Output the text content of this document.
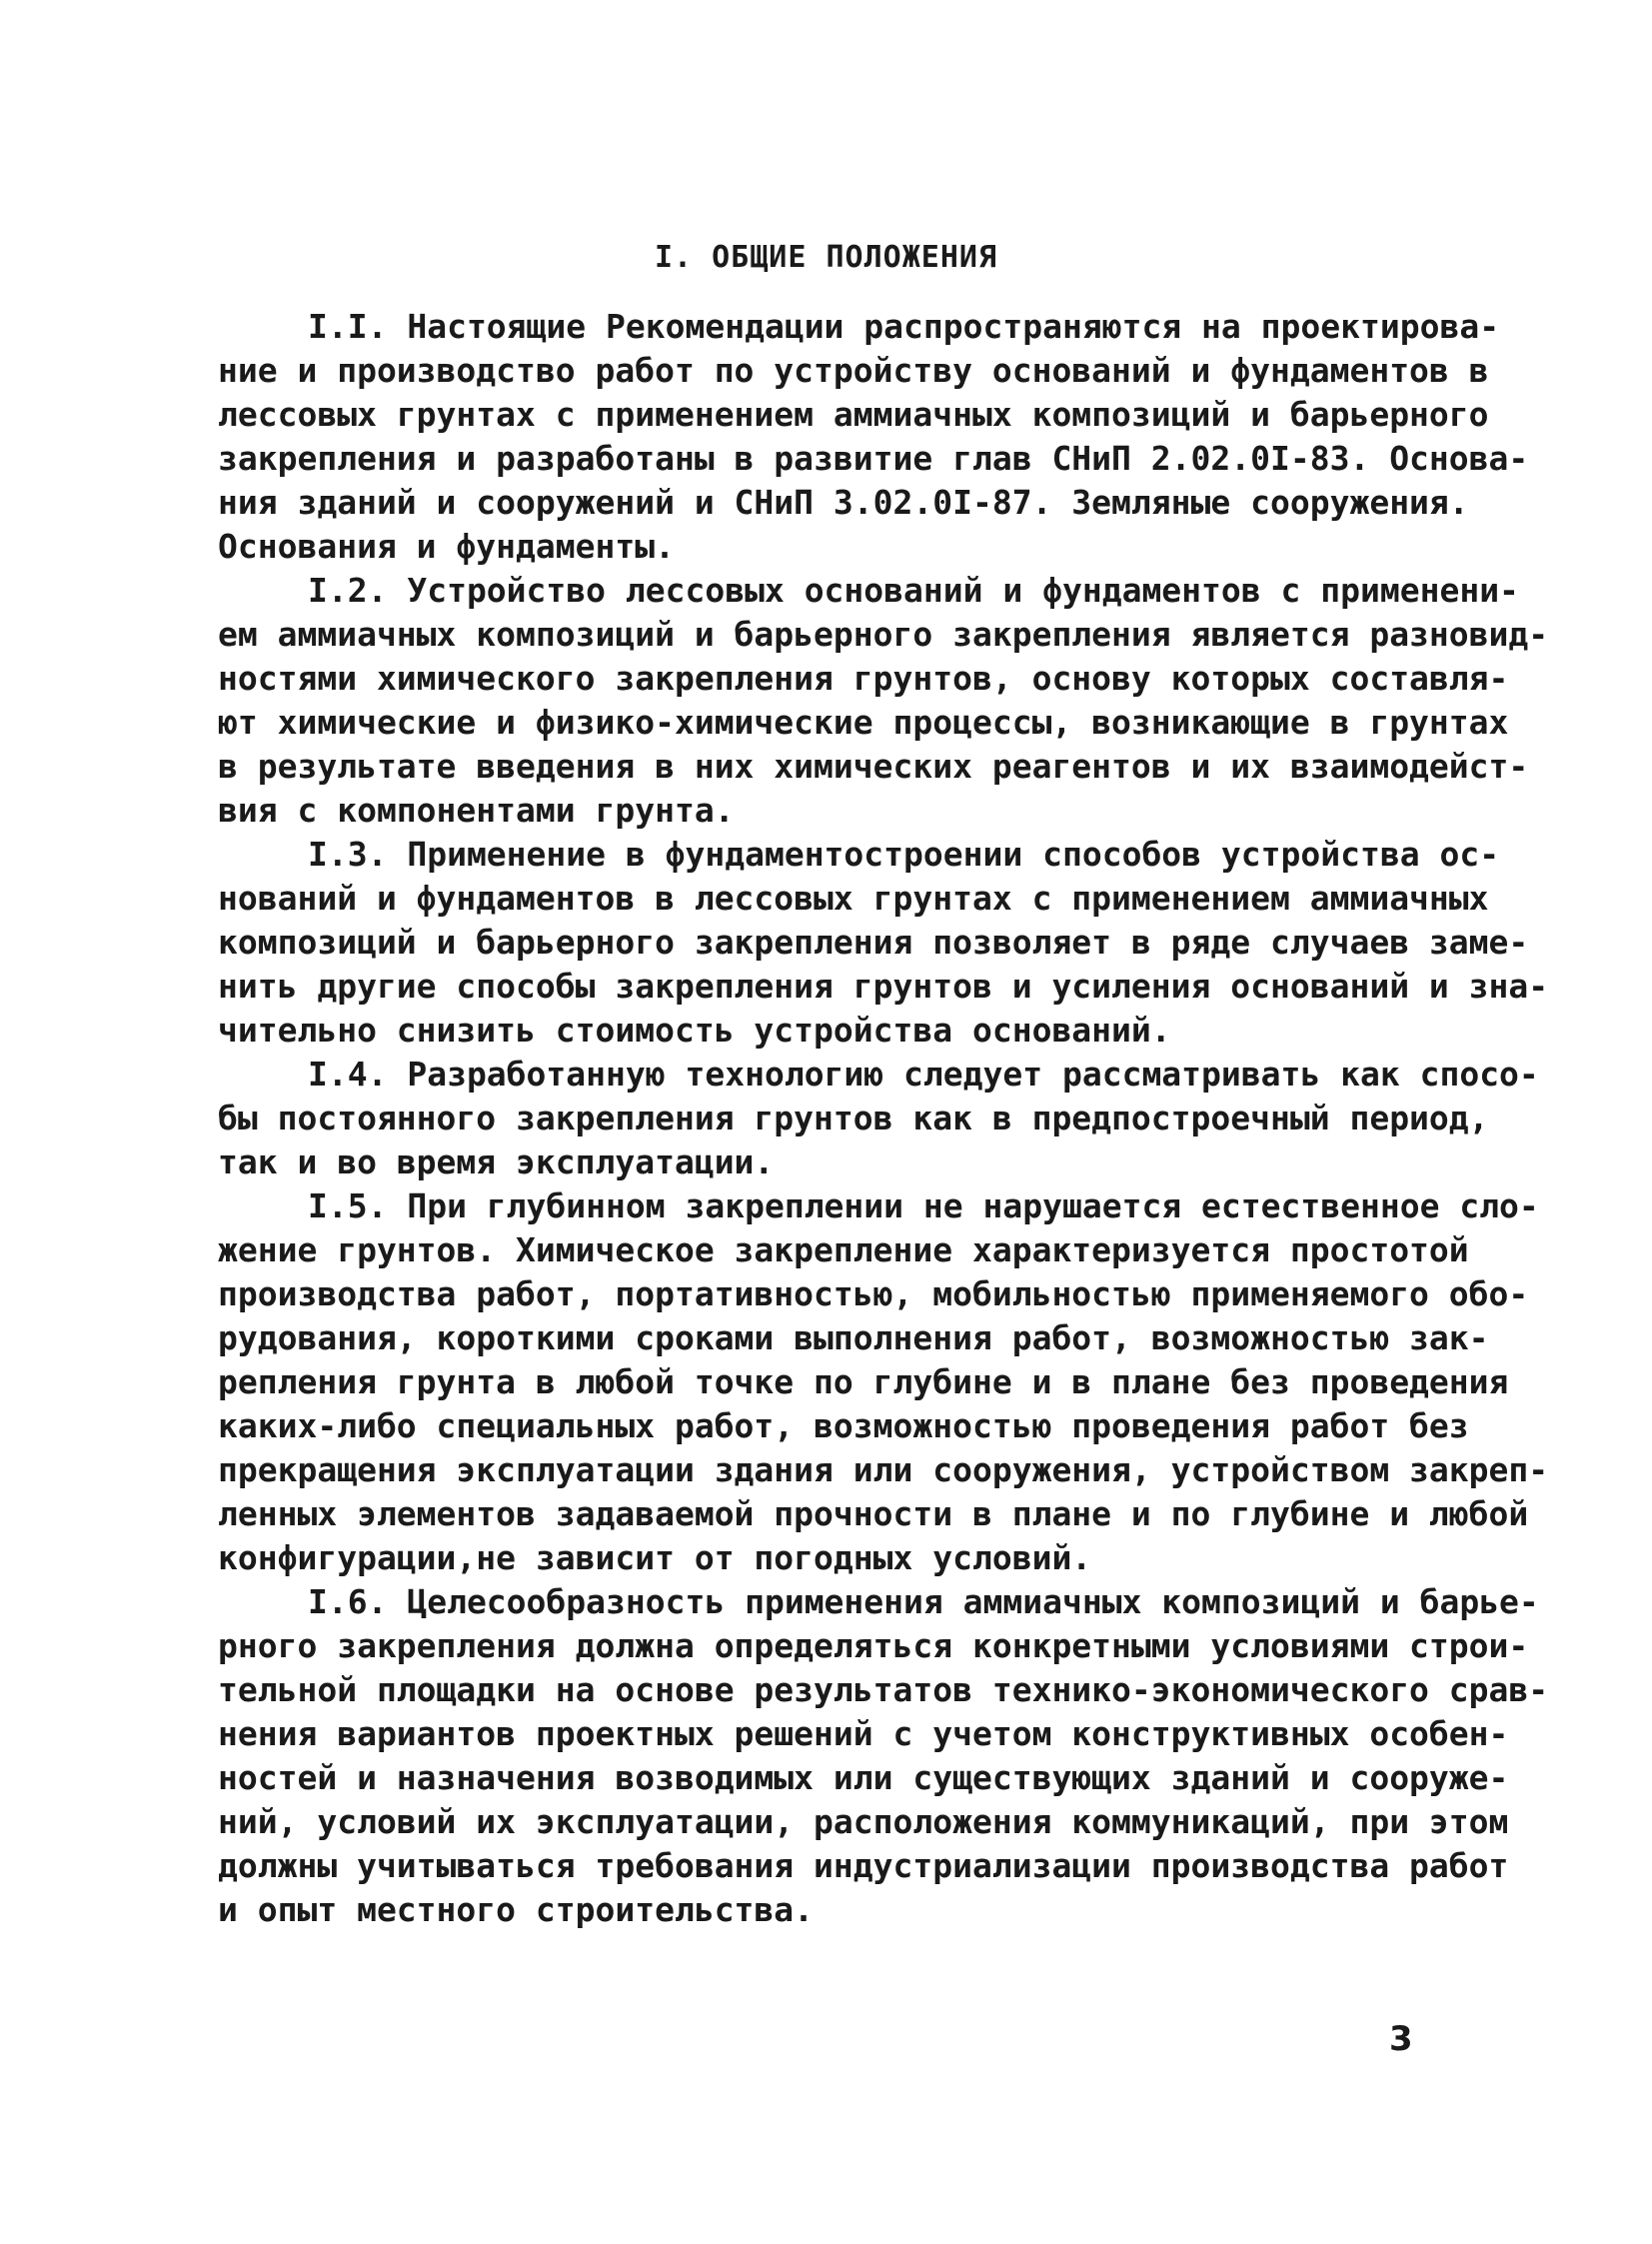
I. ОБЩИЕ ПОЛОЖЕНИЯ
I.I. Настоящие Рекомендации распространяются на проектирова-
ние и производство работ по устройству оснований и фундаментов в
лессовых грунтах с применением аммиачных композиций и барьерного
закрепления и разработаны в развитие глав СНиП 2.02.0I-83. Основа-
ния зданий и сооружений и СНиП 3.02.0I-87. Земляные сооружения.
Основания и фундаменты.
I.2. Устройство лессовых оснований и фундаментов с применени-
ем аммиачных композиций и барьерного закрепления является разновид-
ностями химического закрепления грунтов, основу которых составля-
ют химические и физико-химические процессы, возникающие в грунтах
в результате введения в них химических реагентов и их взаимодейст-
вия с компонентами грунта.
I.3. Применение в фундаментостроении способов устройства ос-
нований и фундаментов в лессовых грунтах с применением аммиачных
композиций и барьерного закрепления позволяет в ряде случаев заме-
нить другие способы закрепления грунтов и усиления оснований и зна-
чительно снизить стоимость устройства оснований.
I.4. Разработанную технологию следует рассматривать как спосо-
бы постоянного закрепления грунтов как в предпостроечный период,
так и во время эксплуатации.
I.5. При глубинном закреплении не нарушается естественное сло-
жение грунтов. Химическое закрепление характеризуется простотой
производства работ, портативностью, мобильностью применяемого обо-
рудования, короткими сроками выполнения работ, возможностью зак-
репления грунта в любой точке по глубине и в плане без проведения
каких-либо специальных работ, возможностью проведения работ без
прекращения эксплуатации здания или сооружения, устройством закреп-
ленных элементов задаваемой прочности в плане и по глубине и любой
конфигурации,не зависит от погодных условий.
I.6. Целесообразность применения аммиачных композиций и барье-
рного закрепления должна определяться конкретными условиями строи-
тельной площадки на основе результатов технико-экономического срав-
нения вариантов проектных решений с учетом конструктивных особен-
ностей и назначения возводимых или существующих зданий и сооруже-
ний, условий их эксплуатации, расположения коммуникаций, при этом
должны учитываться требования индустриализации производства работ
и опыт местного строительства.
3
